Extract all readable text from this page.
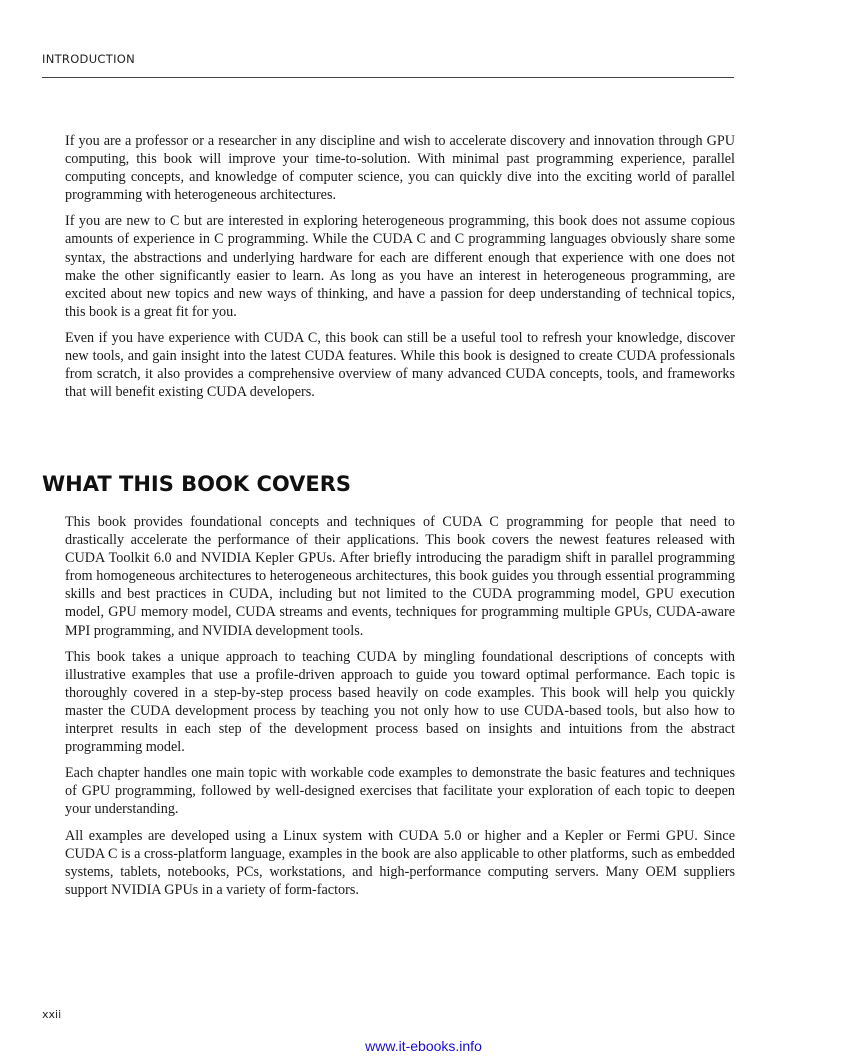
INTRODUCTION

If you are a professor or a researcher in any discipline and wish to accelerate discovery and innovation through GPU computing, this book will improve your time-to-solution. With minimal past programming experience, parallel computing concepts, and knowledge of computer science, you can quickly dive into the exciting world of parallel programming with heterogeneous architectures.

If you are new to C but are interested in exploring heterogeneous programming, this book does not assume copious amounts of experience in C programming. While the CUDA C and C programming languages obviously share some syntax, the abstractions and underlying hardware for each are different enough that experience with one does not make the other significantly easier to learn. As long as you have an interest in heterogeneous programming, are excited about new topics and new ways of thinking, and have a passion for deep understanding of technical topics, this book is a great fit for you.

Even if you have experience with CUDA C, this book can still be a useful tool to refresh your knowledge, discover new tools, and gain insight into the latest CUDA features. While this book is designed to create CUDA professionals from scratch, it also provides a comprehensive overview of many advanced CUDA concepts, tools, and frameworks that will benefit existing CUDA developers.

WHAT THIS BOOK COVERS

This book provides foundational concepts and techniques of CUDA C programming for people that need to drastically accelerate the performance of their applications. This book covers the newest features released with CUDA Toolkit 6.0 and NVIDIA Kepler GPUs. After briefly introducing the paradigm shift in parallel programming from homogeneous architectures to heterogeneous architectures, this book guides you through essential programming skills and best practices in CUDA, including but not limited to the CUDA programming model, GPU execution model, GPU memory model, CUDA streams and events, techniques for programming multiple GPUs, CUDA-aware MPI programming, and NVIDIA development tools.

This book takes a unique approach to teaching CUDA by mingling foundational descriptions of concepts with illustrative examples that use a profile-driven approach to guide you toward optimal performance. Each topic is thoroughly covered in a step-by-step process based heavily on code examples. This book will help you quickly master the CUDA development process by teaching you not only how to use CUDA-based tools, but also how to interpret results in each step of the development process based on insights and intuitions from the abstract programming model.

Each chapter handles one main topic with workable code examples to demonstrate the basic features and techniques of GPU programming, followed by well-designed exercises that facilitate your exploration of each topic to deepen your understanding.

All examples are developed using a Linux system with CUDA 5.0 or higher and a Kepler or Fermi GPU. Since CUDA C is a cross-platform language, examples in the book are also applicable to other platforms, such as embedded systems, tablets, notebooks, PCs, workstations, and high-performance computing servers. Many OEM suppliers support NVIDIA GPUs in a variety of form-factors.

xxii
www.it-ebooks.info
